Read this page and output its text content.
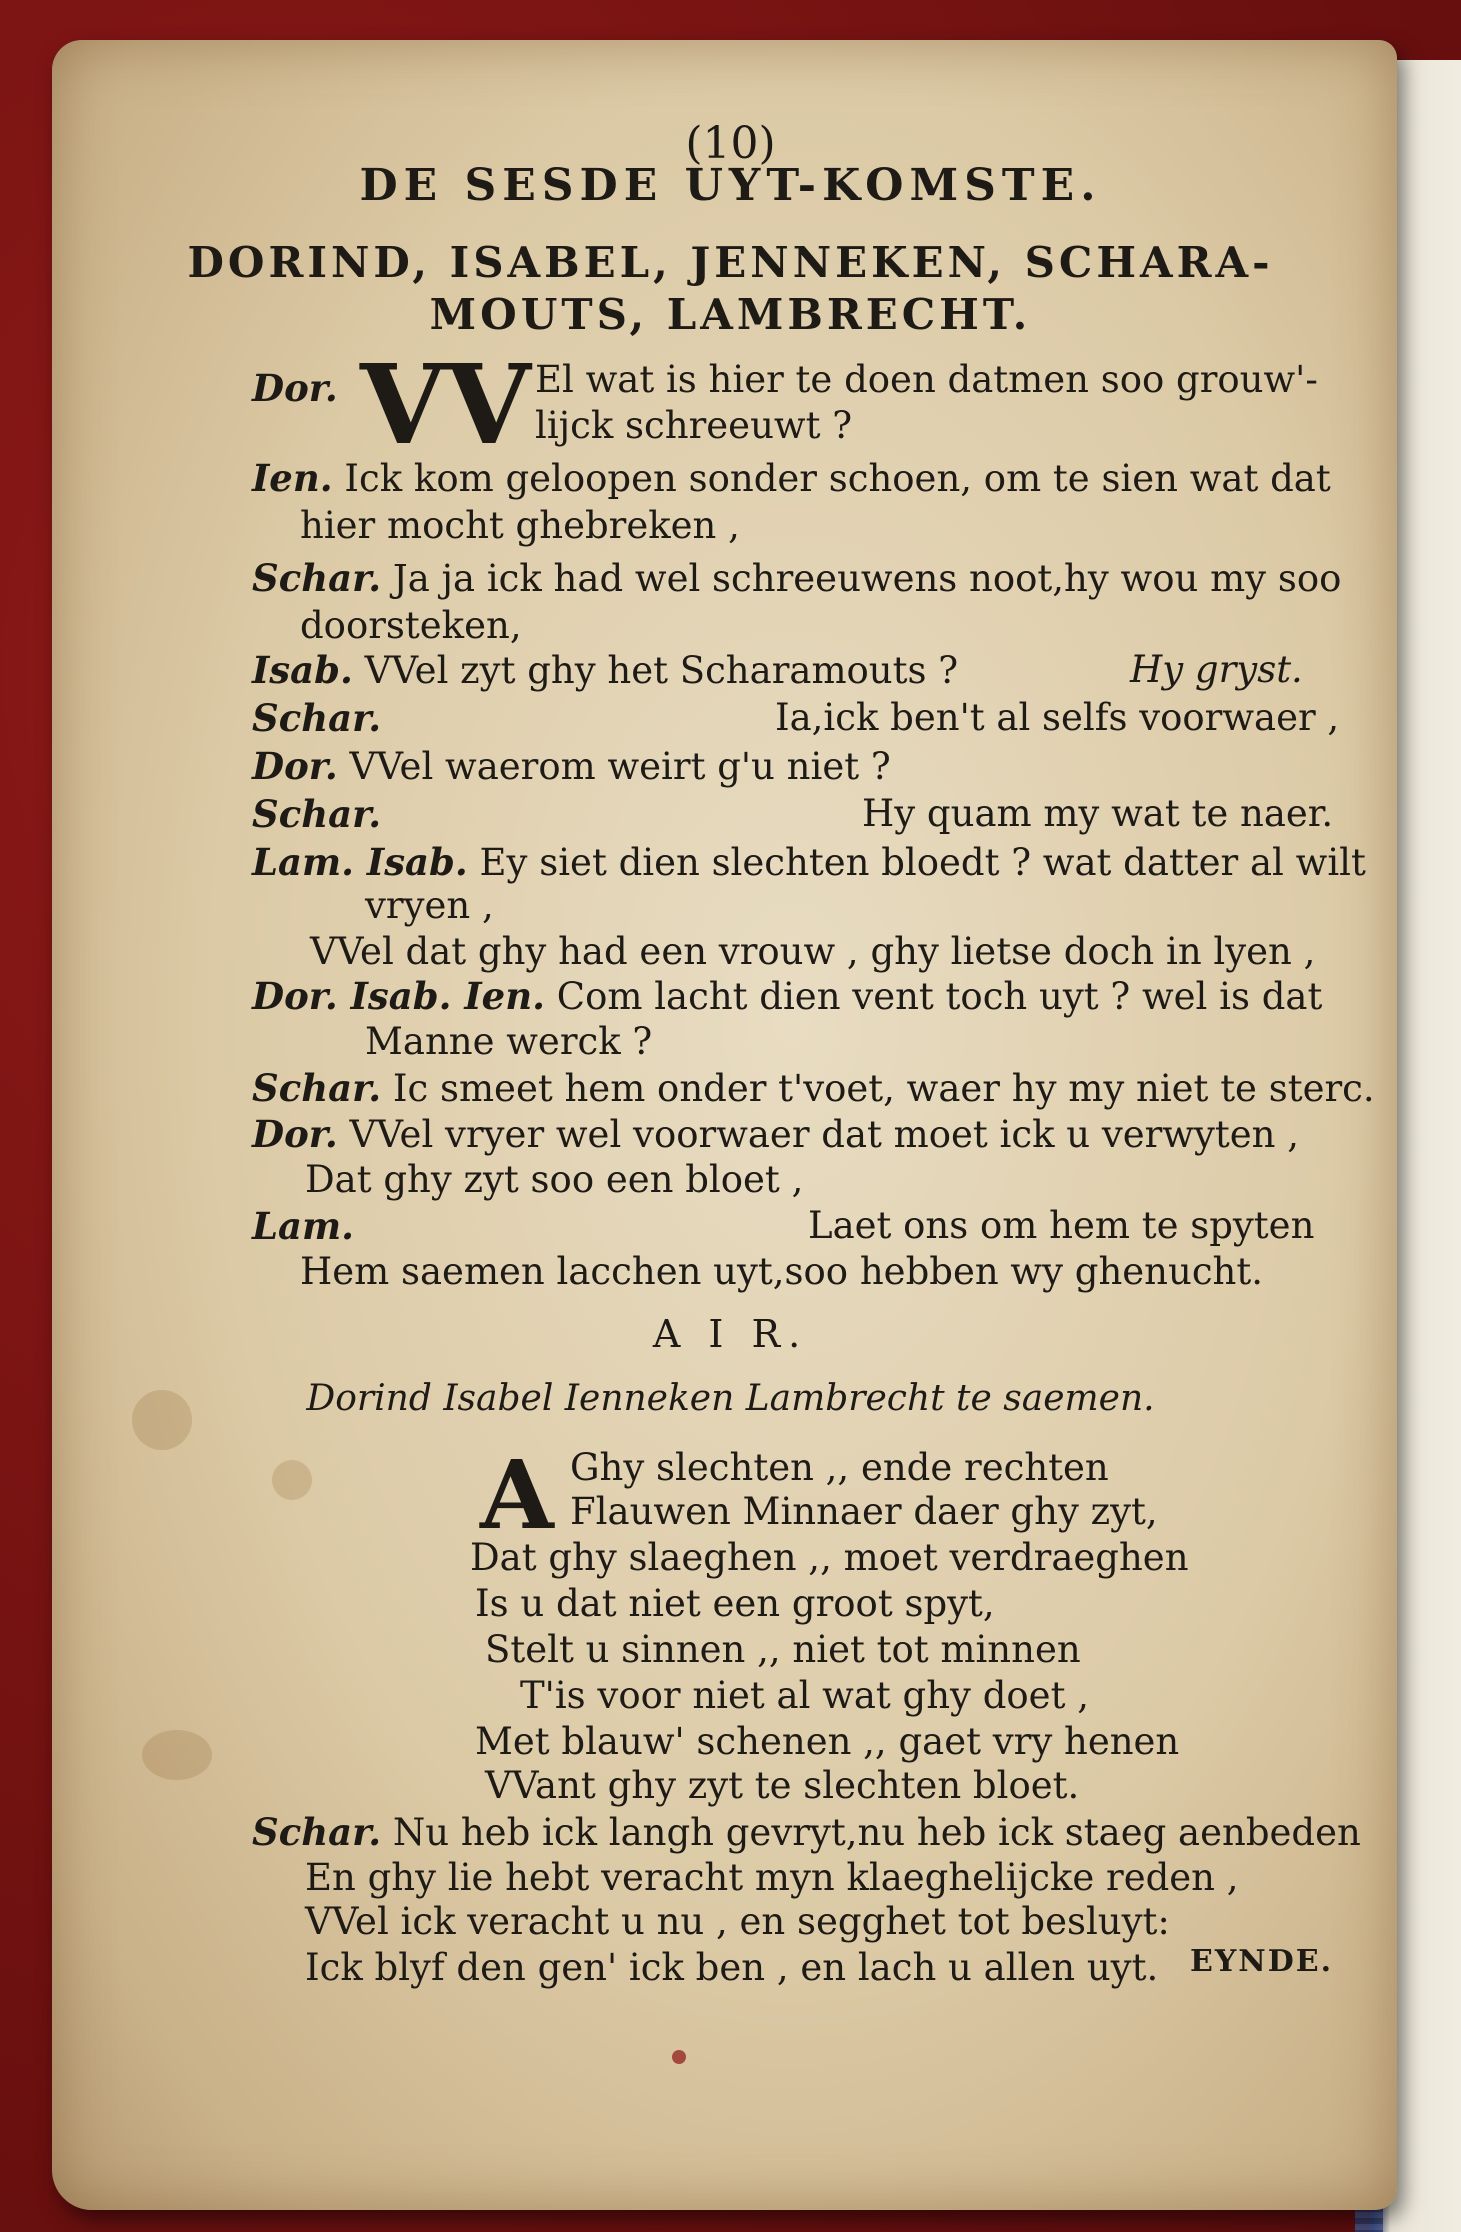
(10)
DE SESDE UYT-KOMSTE.
DORIND, ISABEL, JENNEKEN, SCHARA-
MOUTS, LAMBRECHT.
VV
Dor.	El wat is hier te doen datmen soo grouw'-
lijck schreeuwt ?
Ien. Ick kom geloopen sonder schoen, om te sien wat dat
hier mocht ghebreken ,
Schar. Ja ja ick had wel schreeuwens noot,hy wou my soo
doorsteken,
Isab. VVel zyt ghy het Scharamouts ?	Hy gryst.
Schar.	Ia,ick ben't al selfs voorwaer ,
Dor. VVel waerom weirt g'u niet ?
Schar.	Hy quam my wat te naer.
Lam. Isab. Ey siet dien slechten bloedt ? wat datter al wilt
vryen ,
VVel dat ghy had een vrouw , ghy lietse doch in lyen ,
Dor. Isab. Ien. Com lacht dien vent toch uyt ? wel is dat
Manne werck ?
Schar. Ic smeet hem onder t'voet, waer hy my niet te sterc.
Dor. VVel vryer wel voorwaer dat moet ick u verwyten ,
Dat ghy zyt soo een bloet ,
Lam.	Laet ons om hem te spyten
Hem saemen lacchen uyt,soo hebben wy ghenucht.
A I R.
Dorind Isabel Ienneken Lambrecht te saemen.
A Ghy slechten ,, ende rechten
Flauwen Minnaer daer ghy zyt,
Dat ghy slaeghen ,, moet verdraeghen
Is u dat niet een groot spyt,
Stelt u sinnen ,, niet tot minnen
T'is voor niet al wat ghy doet ,
Met blauw' schenen ,, gaet vry henen
VVant ghy zyt te slechten bloet.
Schar. Nu heb ick langh gevryt,nu heb ick staeg aenbeden
En ghy lie hebt veracht myn klaeghelijcke reden ,
VVel ick veracht u nu , en segghet tot besluyt:
Ick blyf den gen' ick ben , en lach u allen uyt. EYNDE.
